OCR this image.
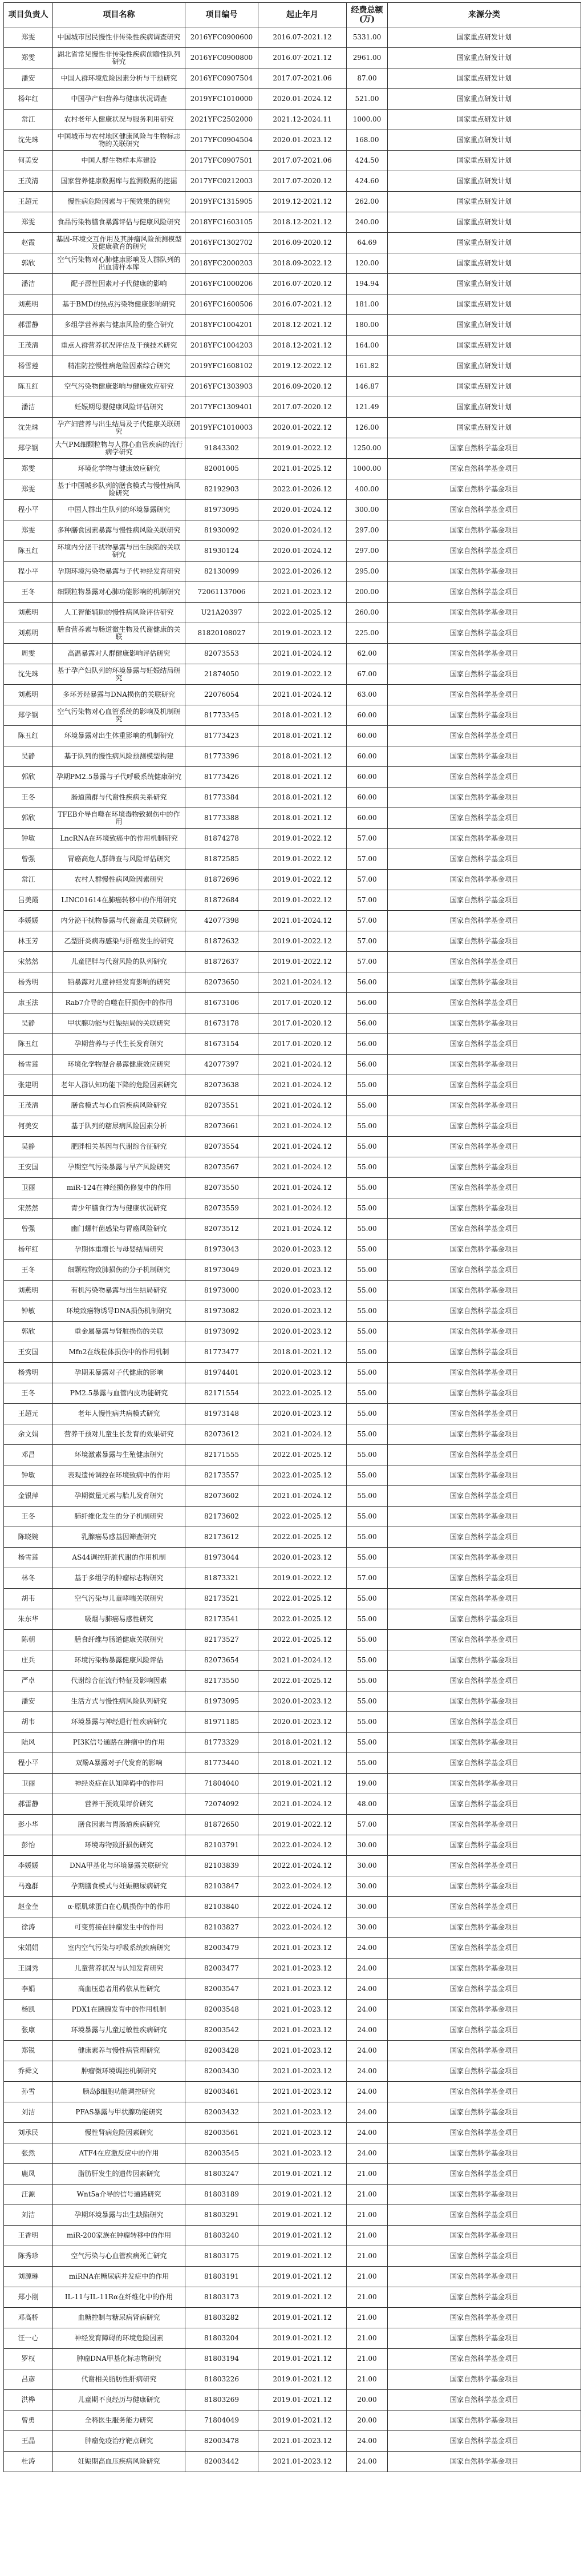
项目负责人	项目名称	项目编号	起止年月	经费总额(万)	来源分类
郑雯	中国城市居民慢性非传染性疾病调查研究	2016YFC0900600	2016.07-2021.12	5331.00	国家重点研发计划
郑雯	湖北省常见慢性非传染性疾病前瞻性队列研究	2016YFC0900800	2016.07-2021.12	2961.00	国家重点研发计划
潘安	中国人群环境危险因素分析与干预研究	2016YFC0907504	2017.07-2021.06	87.00	国家重点研发计划
杨年红	中国孕产妇营养与健康状况调查	2019YFC1010000	2020.01-2024.12	521.00	国家重点研发计划
常江	农村老年人健康状况与服务利用研究	2021YFC2502000	2021.12-2024.11	1000.00	国家重点研发计划
沈先珠	中国城市与农村地区健康风险与生物标志物的关联研究	2017YFC0904504	2020.01-2023.12	168.00	国家重点研发计划
何美安	中国人群生物样本库建设	2017YFC0907501	2017.07-2021.06	424.50	国家重点研发计划
王茂清	国家营养健康数据库与监测数据的挖掘	2017YFC0212003	2017.07-2020.12	424.60	国家重点研发计划
王超元	慢性病危险因素与干预效果的研究	2019YFC1315905	2019.12-2021.12	262.00	国家重点研发计划
郑雯	食品污染物膳食暴露评估与健康风险研究	2018YFC1603105	2018.12-2021.12	240.00	国家重点研发计划
赵霞	基因-环境交互作用及其肿瘤风险预测模型及健康教育的研究	2016YFC1302702	2016.09-2020.12	64.69	国家重点研发计划
郭欣	空气污染物对心肺健康影响及人群队列的出血清样本库	2018YFC2000203	2018.09-2022.12	120.00	国家重点研发计划
潘洁	配子源性因素对子代健康的影响	2016YFC1000206	2016.07-2020.12	194.94	国家重点研发计划
刘燕明	基于BMD的热点污染物健康影响研究	2016YFC1600506	2016.07-2021.12	181.00	国家重点研发计划
郝雷静	多组学营养素与健康风险的整合研究	2018YFC1004201	2018.12-2021.12	180.00	国家重点研发计划
王茂清	重点人群营养状况评估及干预技术研究	2018YFC1004203	2018.12-2021.12	164.00	国家重点研发计划
杨雪莲	精准防控慢性病危险因素综合研究	2019YFC1608102	2019.12-2022.12	161.82	国家重点研发计划
陈丑红	空气污染物健康影响与健康效应研究	2016YFC1303903	2016.09-2020.12	146.87	国家重点研发计划
潘洁	妊娠期母婴健康风险评估研究	2017YFC1309401	2017.07-2020.12	121.49	国家重点研发计划
沈先珠	孕产妇营养与出生结局及子代健康关联研究	2019YFC1010003	2020.01-2022.12	126.00	国家重点研发计划
郑学钢	大气PM细颗粒物与人群心血管疾病的流行病学研究	91843302	2019.01-2022.12	1250.00	国家自然科学基金项目
郑雯	环境化学物与健康效应研究	82001005	2021.01-2025.12	1000.00	国家自然科学基金项目
郑雯	基于中国城乡队列的膳食模式与慢性病风险研究	82192903	2022.01-2026.12	400.00	国家自然科学基金项目
程小平	中国人群出生队列的环境暴露研究	81973095	2020.01-2024.12	300.00	国家自然科学基金项目
郑雯	多种膳食因素暴露与慢性病风险关联研究	81930092	2020.01-2024.12	297.00	国家自然科学基金项目
陈丑红	环境内分泌干扰物暴露与出生缺陷的关联研究	81930124	2020.01-2024.12	297.00	国家自然科学基金项目
程小平	孕期环境污染物暴露与子代神经发育研究	82130099	2022.01-2026.12	295.00	国家自然科学基金项目
王冬	细颗粒物暴露对心肺功能影响的机制研究	72061137006	2021.01-2023.12	200.00	国家自然科学基金项目
刘燕明	人工智能辅助的慢性病风险评估研究	U21A20397	2022.01-2025.12	260.00	国家自然科学基金项目
刘燕明	膳食营养素与肠道微生物及代谢健康的关联	81820108027	2019.01-2023.12	225.00	国家自然科学基金项目
周雯	高温暴露对人群健康影响评估研究	82073553	2021.01-2024.12	62.00	国家自然科学基金项目
沈先珠	基于孕产妇队列的环境暴露与妊娠结局研究	21874050	2019.01-2022.12	67.00	国家自然科学基金项目
刘燕明	多环芳烃暴露与DNA损伤的关联研究	22076054	2021.01-2024.12	63.00	国家自然科学基金项目
郑学钢	空气污染物对心血管系统的影响及机制研究	81773345	2018.01-2021.12	60.00	国家自然科学基金项目
陈丑红	环境暴露对出生体重影响的机制研究	81773423	2018.01-2021.12	60.00	国家自然科学基金项目
吴静	基于队列的慢性病风险预测模型构建	81773396	2018.01-2021.12	60.00	国家自然科学基金项目
郭欣	孕期PM2.5暴露与子代呼吸系统健康研究	81773426	2018.01-2021.12	60.00	国家自然科学基金项目
王冬	肠道菌群与代谢性疾病关系研究	81773384	2018.01-2021.12	60.00	国家自然科学基金项目
郭欣	TFEB介导自噬在环境毒物致损伤中的作用	81773388	2018.01-2021.12	60.00	国家自然科学基金项目
钟敏	LncRNA在环境致癌中的作用机制研究	81874278	2019.01-2022.12	57.00	国家自然科学基金项目
曾强	胃癌高危人群筛查与风险评估研究	81872585	2019.01-2022.12	57.00	国家自然科学基金项目
常江	农村人群慢性病风险因素研究	81872696	2019.01-2022.12	57.00	国家自然科学基金项目
吕美霞	LINC01614在肺癌转移中的作用研究	81872684	2019.01-2022.12	57.00	国家自然科学基金项目
李媛媛	内分泌干扰物暴露与代谢紊乱关联研究	42077398	2021.01-2024.12	57.00	国家自然科学基金项目
林玉芳	乙型肝炎病毒感染与肝癌发生的研究	81872632	2019.01-2022.12	57.00	国家自然科学基金项目
宋然然	儿童肥胖与代谢风险的队列研究	81872637	2019.01-2022.12	57.00	国家自然科学基金项目
杨秀明	铅暴露对儿童神经发育影响的研究	82073650	2021.01-2024.12	56.00	国家自然科学基金项目
康玉法	Rab7介导的自噬在肝损伤中的作用	81673106	2017.01-2020.12	56.00	国家自然科学基金项目
吴静	甲状腺功能与妊娠结局的关联研究	81673178	2017.01-2020.12	56.00	国家自然科学基金项目
陈丑红	孕期营养与子代生长发育研究	81673154	2017.01-2020.12	56.00	国家自然科学基金项目
杨雪莲	环境化学物混合暴露健康效应研究	42077397	2021.01-2024.12	56.00	国家自然科学基金项目
张建明	老年人群认知功能下降的危险因素研究	82073638	2021.01-2024.12	55.00	国家自然科学基金项目
王茂清	膳食模式与心血管疾病风险研究	82073551	2021.01-2024.12	55.00	国家自然科学基金项目
何美安	基于队列的糖尿病风险因素分析	82073661	2021.01-2024.12	55.00	国家自然科学基金项目
吴静	肥胖相关基因与代谢综合征研究	82073554	2021.01-2024.12	55.00	国家自然科学基金项目
王安国	孕期空气污染暴露与早产风险研究	82073567	2021.01-2024.12	55.00	国家自然科学基金项目
卫丽	miR-124在神经损伤修复中的作用	82073550	2021.01-2024.12	55.00	国家自然科学基金项目
宋然然	青少年膳食行为与健康状况研究	82073559	2021.01-2024.12	55.00	国家自然科学基金项目
曾强	幽门螺杆菌感染与胃癌风险研究	82073512	2021.01-2024.12	55.00	国家自然科学基金项目
杨年红	孕期体重增长与母婴结局研究	81973043	2020.01-2023.12	55.00	国家自然科学基金项目
王冬	细颗粒物致肺损伤的分子机制研究	81973049	2020.01-2023.12	55.00	国家自然科学基金项目
刘燕明	有机污染物暴露与出生结局研究	81973000	2020.01-2023.12	55.00	国家自然科学基金项目
钟敏	环境致癌物诱导DNA损伤机制研究	81973082	2020.01-2023.12	55.00	国家自然科学基金项目
郭欣	重金属暴露与肾脏损伤的关联	81973092	2020.01-2023.12	55.00	国家自然科学基金项目
王安国	Mfn2在线粒体损伤中的作用机制	81773477	2018.01-2021.12	55.00	国家自然科学基金项目
杨秀明	孕期汞暴露对子代健康的影响	81974401	2020.01-2023.12	55.00	国家自然科学基金项目
王冬	PM2.5暴露与血管内皮功能研究	82171554	2022.01-2025.12	55.00	国家自然科学基金项目
王超元	老年人慢性病共病模式研究	81973148	2020.01-2023.12	55.00	国家自然科学基金项目
余文娟	营养干预对儿童生长发育的效果研究	82073612	2021.01-2024.12	55.00	国家自然科学基金项目
邓昌	环境激素暴露与生殖健康研究	82171555	2022.01-2025.12	55.00	国家自然科学基金项目
钟敏	表观遗传调控在环境致病中的作用	82173557	2022.01-2025.12	55.00	国家自然科学基金项目
金银萍	孕期微量元素与胎儿发育研究	82073602	2021.01-2024.12	55.00	国家自然科学基金项目
王冬	肺纤维化发生的分子机制研究	82173602	2022.01-2025.12	55.00	国家自然科学基金项目
陈晓婉	乳腺癌易感基因筛查研究	82173612	2022.01-2025.12	55.00	国家自然科学基金项目
杨雪莲	AS44调控肝脏代谢的作用机制	81973044	2020.01-2023.12	55.00	国家自然科学基金项目
林冬	基于多组学的肿瘤标志物研究	81873321	2019.01-2022.12	57.00	国家自然科学基金项目
胡韦	空气污染与儿童哮喘关联研究	82173521	2022.01-2025.12	55.00	国家自然科学基金项目
朱东华	吸烟与肺癌易感性研究	82173541	2022.01-2025.12	55.00	国家自然科学基金项目
陈朝	膳食纤维与肠道健康关联研究	82173527	2022.01-2025.12	55.00	国家自然科学基金项目
庄兵	环境污染物暴露健康风险评估	82073654	2021.01-2024.12	55.00	国家自然科学基金项目
严卓	代谢综合征流行特征及影响因素	82173550	2022.01-2025.12	55.00	国家自然科学基金项目
潘安	生活方式与慢性病风险队列研究	81973095	2020.01-2023.12	55.00	国家自然科学基金项目
胡韦	环境暴露与神经退行性疾病研究	81971185	2020.01-2023.12	55.00	国家自然科学基金项目
陆风	PI3K信号通路在肿瘤中的作用	81773329	2018.01-2021.12	55.00	国家自然科学基金项目
程小平	双酚A暴露对子代发育的影响	81773440	2018.01-2021.12	55.00	国家自然科学基金项目
卫丽	神经炎症在认知障碍中的作用	71804040	2019.01-2021.12	19.00	国家自然科学基金项目
郝雷静	营养干预效果评价研究	72074092	2021.01-2024.12	48.00	国家自然科学基金项目
彭小华	膳食因素与胃肠道疾病研究	81872650	2019.01-2022.12	57.00	国家自然科学基金项目
彭怡	环境毒物致肝损伤研究	82103791	2022.01-2024.12	30.00	国家自然科学基金项目
李媛媛	DNA甲基化与环境暴露关联研究	82103839	2022.01-2024.12	30.00	国家自然科学基金项目
马逸群	孕期膳食模式与妊娠糖尿病研究	82103847	2022.01-2024.12	30.00	国家自然科学基金项目
赵金奎	α-原肌球蛋白在心肌损伤中的作用	82103840	2022.01-2024.12	30.00	国家自然科学基金项目
徐涛	可变剪接在肿瘤发生中的作用	82103827	2022.01-2024.12	30.00	国家自然科学基金项目
宋娟娟	室内空气污染与呼吸系统疾病研究	82003479	2021.01-2023.12	24.00	国家自然科学基金项目
王圆秀	儿童营养状况与认知发育研究	82003477	2021.01-2023.12	24.00	国家自然科学基金项目
李娟	高血压患者用药依从性研究	82003547	2021.01-2023.12	24.00	国家自然科学基金项目
杨凯	PDX1在胰腺发育中的作用机制	82003548	2021.01-2023.12	24.00	国家自然科学基金项目
张康	环境暴露与儿童过敏性疾病研究	82003542	2021.01-2023.12	24.00	国家自然科学基金项目
郑锐	健康素养与慢性病管理研究	82003428	2021.01-2023.12	24.00	国家自然科学基金项目
乔舜文	肿瘤微环境调控机制研究	82003430	2021.01-2023.12	24.00	国家自然科学基金项目
孙雪	胰岛β细胞功能调控研究	82003461	2021.01-2023.12	24.00	国家自然科学基金项目
刘洁	PFAS暴露与甲状腺功能研究	82003432	2021.01-2023.12	24.00	国家自然科学基金项目
刘承民	慢性肾病危险因素研究	82003561	2021.01-2023.12	24.00	国家自然科学基金项目
张然	ATF4在应激反应中的作用	82003545	2021.01-2023.12	24.00	国家自然科学基金项目
鹿凤	脂肪肝发生的遗传因素研究	81803247	2019.01-2021.12	21.00	国家自然科学基金项目
汪源	Wnt5a介导的信号通路研究	81803189	2019.01-2021.12	21.00	国家自然科学基金项目
刘洁	孕期环境暴露与出生缺陷研究	81803291	2019.01-2021.12	21.00	国家自然科学基金项目
王香明	miR-200家族在肿瘤转移中的作用	81803240	2019.01-2021.12	21.00	国家自然科学基金项目
陈秀珍	空气污染与心血管疾病死亡研究	81803175	2019.01-2021.12	21.00	国家自然科学基金项目
刘源琳	miRNA在糖尿病并发症中的作用	81803191	2019.01-2021.12	21.00	国家自然科学基金项目
郑小刚	IL-11与IL-11Rα在纤维化中的作用	81803173	2019.01-2021.12	21.00	国家自然科学基金项目
邓高桥	血糖控制与糖尿病肾病研究	81803282	2019.01-2021.12	21.00	国家自然科学基金项目
汪一心	神经发育障碍的环境危险因素	81803204	2019.01-2021.12	21.00	国家自然科学基金项目
罗权	肿瘤DNA甲基化标志物研究	81803194	2019.01-2021.12	21.00	国家自然科学基金项目
吕彦	代谢相关脂肪性肝病研究	81803226	2019.01-2021.12	21.00	国家自然科学基金项目
洪桦	儿童期不良经历与健康研究	81803269	2019.01-2021.12	20.00	国家自然科学基金项目
曾勇	全科医生服务能力研究	71804049	2019.01-2021.12	20.00	国家自然科学基金项目
王晶	肿瘤免疫治疗靶点研究	82003478	2021.01-2023.12	24.00	国家自然科学基金项目
杜涛	妊娠期高血压疾病风险研究	82003442	2021.01-2023.12	24.00	国家自然科学基金项目
